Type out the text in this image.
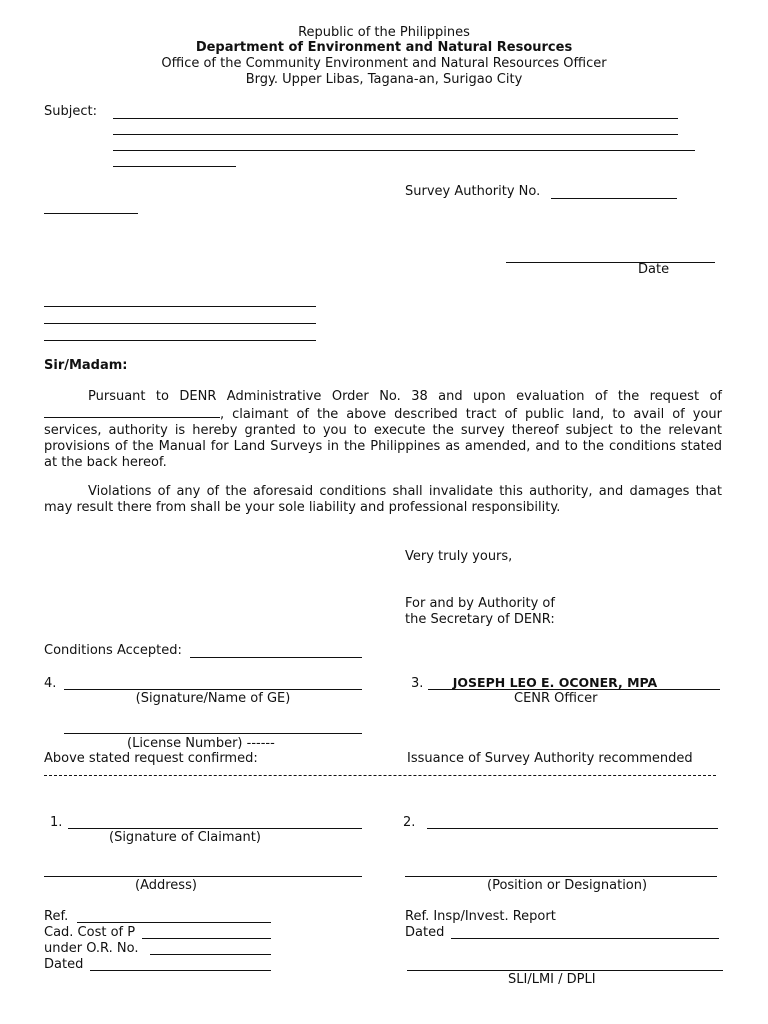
Republic of the Philippines
Department of Environment and Natural Resources
Office of the Community Environment and Natural Resources Officer
Brgy. Upper Libas, Tagana-an, Surigao City
Subject:
Survey Authority No.
Date
Sir/Madam:
Pursuant to DENR Administrative Order No. 38 and upon evaluation of the request of , claimant of the above described tract of public land, to avail of your services, authority is hereby granted to you to execute the survey thereof subject to the relevant provisions of the Manual for Land Surveys in the Philippines as amended, and to the conditions stated at the back hereof.
Violations of any of the aforesaid conditions shall invalidate this authority, and damages that may result there from shall be your sole liability and professional responsibility.
Very truly yours,
For and by Authority of
the Secretary of DENR:
Conditions Accepted:
4.
(Signature/Name of GE)
(License Number) ------
Above stated request confirmed:
3.	JOSEPH LEO E. OCONER, MPA
CENR Officer
Issuance of Survey Authority recommended
1.
(Signature of Claimant)
(Address)
2.
(Position or Designation)
Ref.
Cad. Cost of P
under O.R. No.
Dated
Ref. Insp/Invest. Report
Dated
SLI/LMI / DPLI
